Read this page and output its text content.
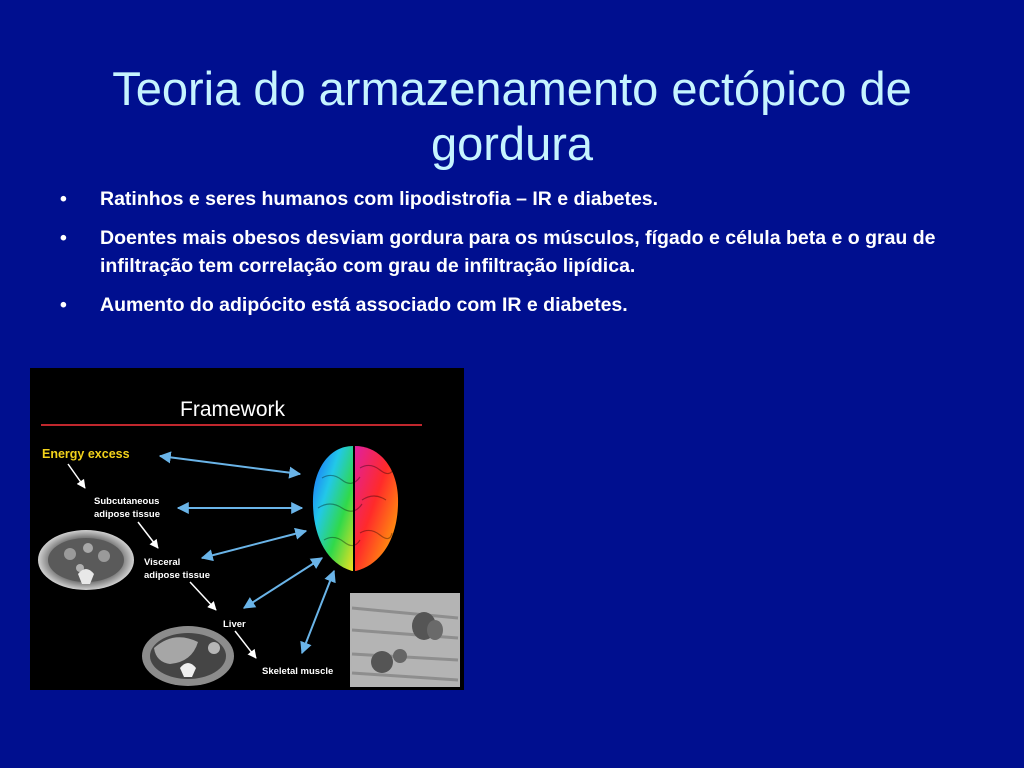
Teoria do armazenamento ectópico de gordura
• Ratinhos e seres humanos com lipodistrofia – IR e diabetes.
• Doentes mais obesos desviam gordura para os músculos, fígado e célula beta e o grau de infiltração tem correlação com grau de infiltração lipídica.
• Aumento do adipócito está associado com IR e diabetes.
Framework
Energy excess
Subcutaneous
adipose tissue
Visceral
adipose tissue
Liver
Skeletal muscle
